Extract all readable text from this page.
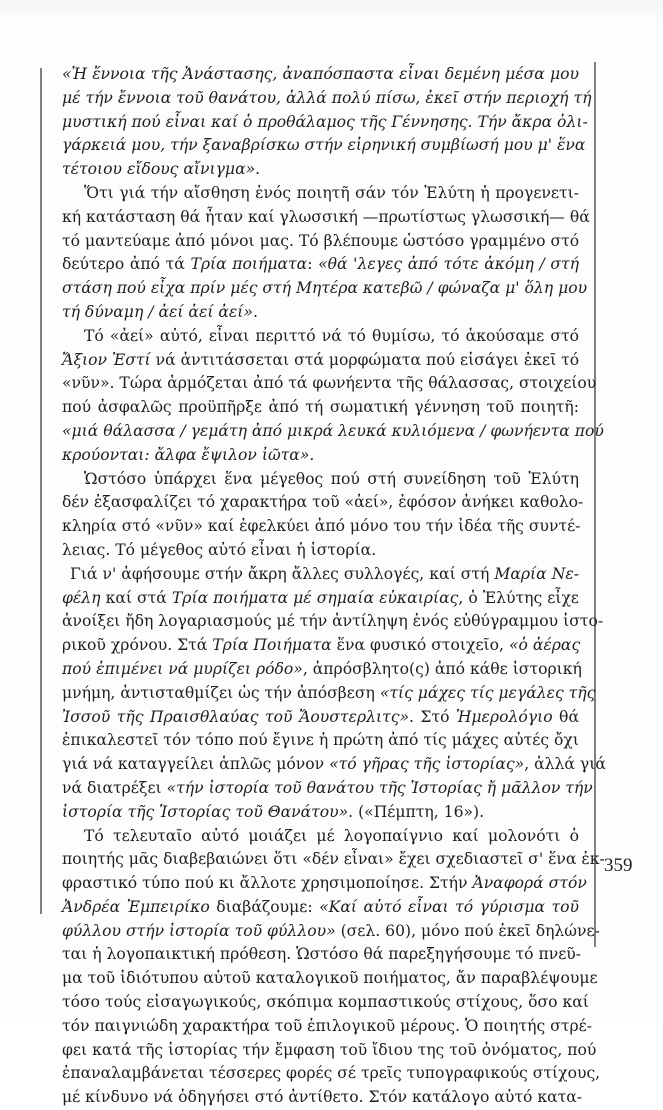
«Ἡ ἔννοια τῆς Ἀνάστασης, ἀναπόσπαστα εἶναι δεμένη μέσα μου
μέ τήν ἔννοια τοῦ θανάτου, ἀλλά πολύ πίσω, ἐκεῖ στήν περιοχή τή
μυστική πού εἶναι καί ὁ προθάλαμος τῆς Γέννησης. Τήν ἄκρα ὀλι-
γάρκειά μου, τήν ξαναβρίσκω στήν εἰρηνική συμβίωσή μου μ' ἕνα
τέτοιου εἴδους αἴνιγμα».
Ὅτι γιά τήν αἴσθηση ἑνός ποιητῆ σάν τόν Ἐλύτη ἡ προγενετι-
κή κατάσταση θά ἦταν καί γλωσσική —πρωτίστως γλωσσική— θά
τό μαντεύαμε ἀπό μόνοι μας. Τό βλέπουμε ὡστόσο γραμμένο στό
δεύτερο ἀπό τά Τρία ποιήματα: «θά 'λεγες ἀπό τότε ἀκόμη / στή
στάση πού εἶχα πρίν μές στή Μητέρα κατεβῶ / φώναζα μ' ὅλη μου
τή δύναμη / ἀεί ἀεί ἀεί».
Τό «ἀεί» αὐτό, εἶναι περιττό νά τό θυμίσω, τό ἀκούσαμε στό
Ἄξιον Ἐστί νά ἀντιτάσσεται στά μορφώματα πού εἰσάγει ἐκεῖ τό
«νῦν». Τώρα ἁρμόζεται ἀπό τά φωνήεντα τῆς θάλασσας, στοιχείου
πού ἀσφαλῶς προϋπῆρξε ἀπό τή σωματική γέννηση τοῦ ποιητῆ:
«μιά θάλασσα / γεμάτη ἀπό μικρά λευκά κυλιόμενα / φωνήεντα πού
κρούονται: ἄλφα ἔψιλον ἰῶτα».
Ὡστόσο ὑπάρχει ἕνα μέγεθος πού στή συνείδηση τοῦ Ἐλύτη
δέν ἐξασφαλίζει τό χαρακτήρα τοῦ «ἀεί», ἐφόσον ἀνήκει καθολο-
κληρία στό «νῦν» καί ἐφελκύει ἀπό μόνο του τήν ἰδέα τῆς συντέ-
λειας. Τό μέγεθος αὐτό εἶναι ἡ ἱστορία.
Γιά ν' ἀφήσουμε στήν ἄκρη ἄλλες συλλογές, καί στή Μαρία Νε-
φέλη καί στά Τρία ποιήματα μέ σημαία εὐκαιρίας, ὁ Ἐλύτης εἶχε
ἀνοίξει ἤδη λογαριασμούς μέ τήν ἀντίληψη ἑνός εὐθύγραμμου ἱστο-
ρικοῦ χρόνου. Στά Τρία Ποιήματα ἕνα φυσικό στοιχεῖο, «ὁ ἀέρας
πού ἐπιμένει νά μυρίζει ρόδο», ἀπρόσβλητο(ς) ἀπό κάθε ἱστορική
μνήμη, ἀντισταθμίζει ὡς τήν ἀπόσβεση «τίς μάχες τίς μεγάλες τῆς
Ἰσσοῦ τῆς Πραισθλαύας τοῦ Ἄουστερλιτς». Στό Ἡμερολόγιο θά
ἐπικαλεστεῖ τόν τόπο πού ἔγινε ἡ πρώτη ἀπό τίς μάχες αὐτές ὄχι
γιά νά καταγγείλει ἁπλῶς μόνον «τό γῆρας τῆς ἱστορίας», ἀλλά γιά
νά διατρέξει «τήν ἱστορία τοῦ θανάτου τῆς Ἱστορίας ἤ μᾶλλον τήν
ἱστορία τῆς Ἱστορίας τοῦ Θανάτου». («Πέμπτη, 16»).
Τό τελευταῖο αὐτό μοιάζει μέ λογοπαίγνιο καί μολονότι ὁ
ποιητής μᾶς διαβεβαιώνει ὅτι «δέν εἶναι» ἔχει σχεδιαστεῖ σ' ἕνα ἐκ-
φραστικό τύπο πού κι ἄλλοτε χρησιμοποίησε. Στήν Ἀναφορά στόν
Ἀνδρέα Ἐμπειρίκο διαβάζουμε: «Καί αὐτό εἶναι τό γύρισμα τοῦ
φύλλου στήν ἱστορία τοῦ φύλλου» (σελ. 60), μόνο πού ἐκεῖ δηλώνε-
ται ἡ λογοπαικτική πρόθεση. Ὡστόσο θά παρεξηγήσουμε τό πνεῦ-
μα τοῦ ἰδιότυπου αὐτοῦ καταλογικοῦ ποιήματος, ἄν παραβλέψουμε
τόσο τούς εἰσαγωγικούς, σκόπιμα κομπαστικούς στίχους, ὅσο καί
τόν παιγνιώδη χαρακτήρα τοῦ ἐπιλογικοῦ μέρους. Ὁ ποιητής στρέ-
φει κατά τῆς ἱστορίας τήν ἔμφαση τοῦ ἴδιου της τοῦ ὀνόματος, πού
ἐπαναλαμβάνεται τέσσερες φορές σέ τρεῖς τυπογραφικούς στίχους,
μέ κίνδυνο νά ὁδηγήσει στό ἀντίθετο. Στόν κατάλογο αὐτό κατα-
359
